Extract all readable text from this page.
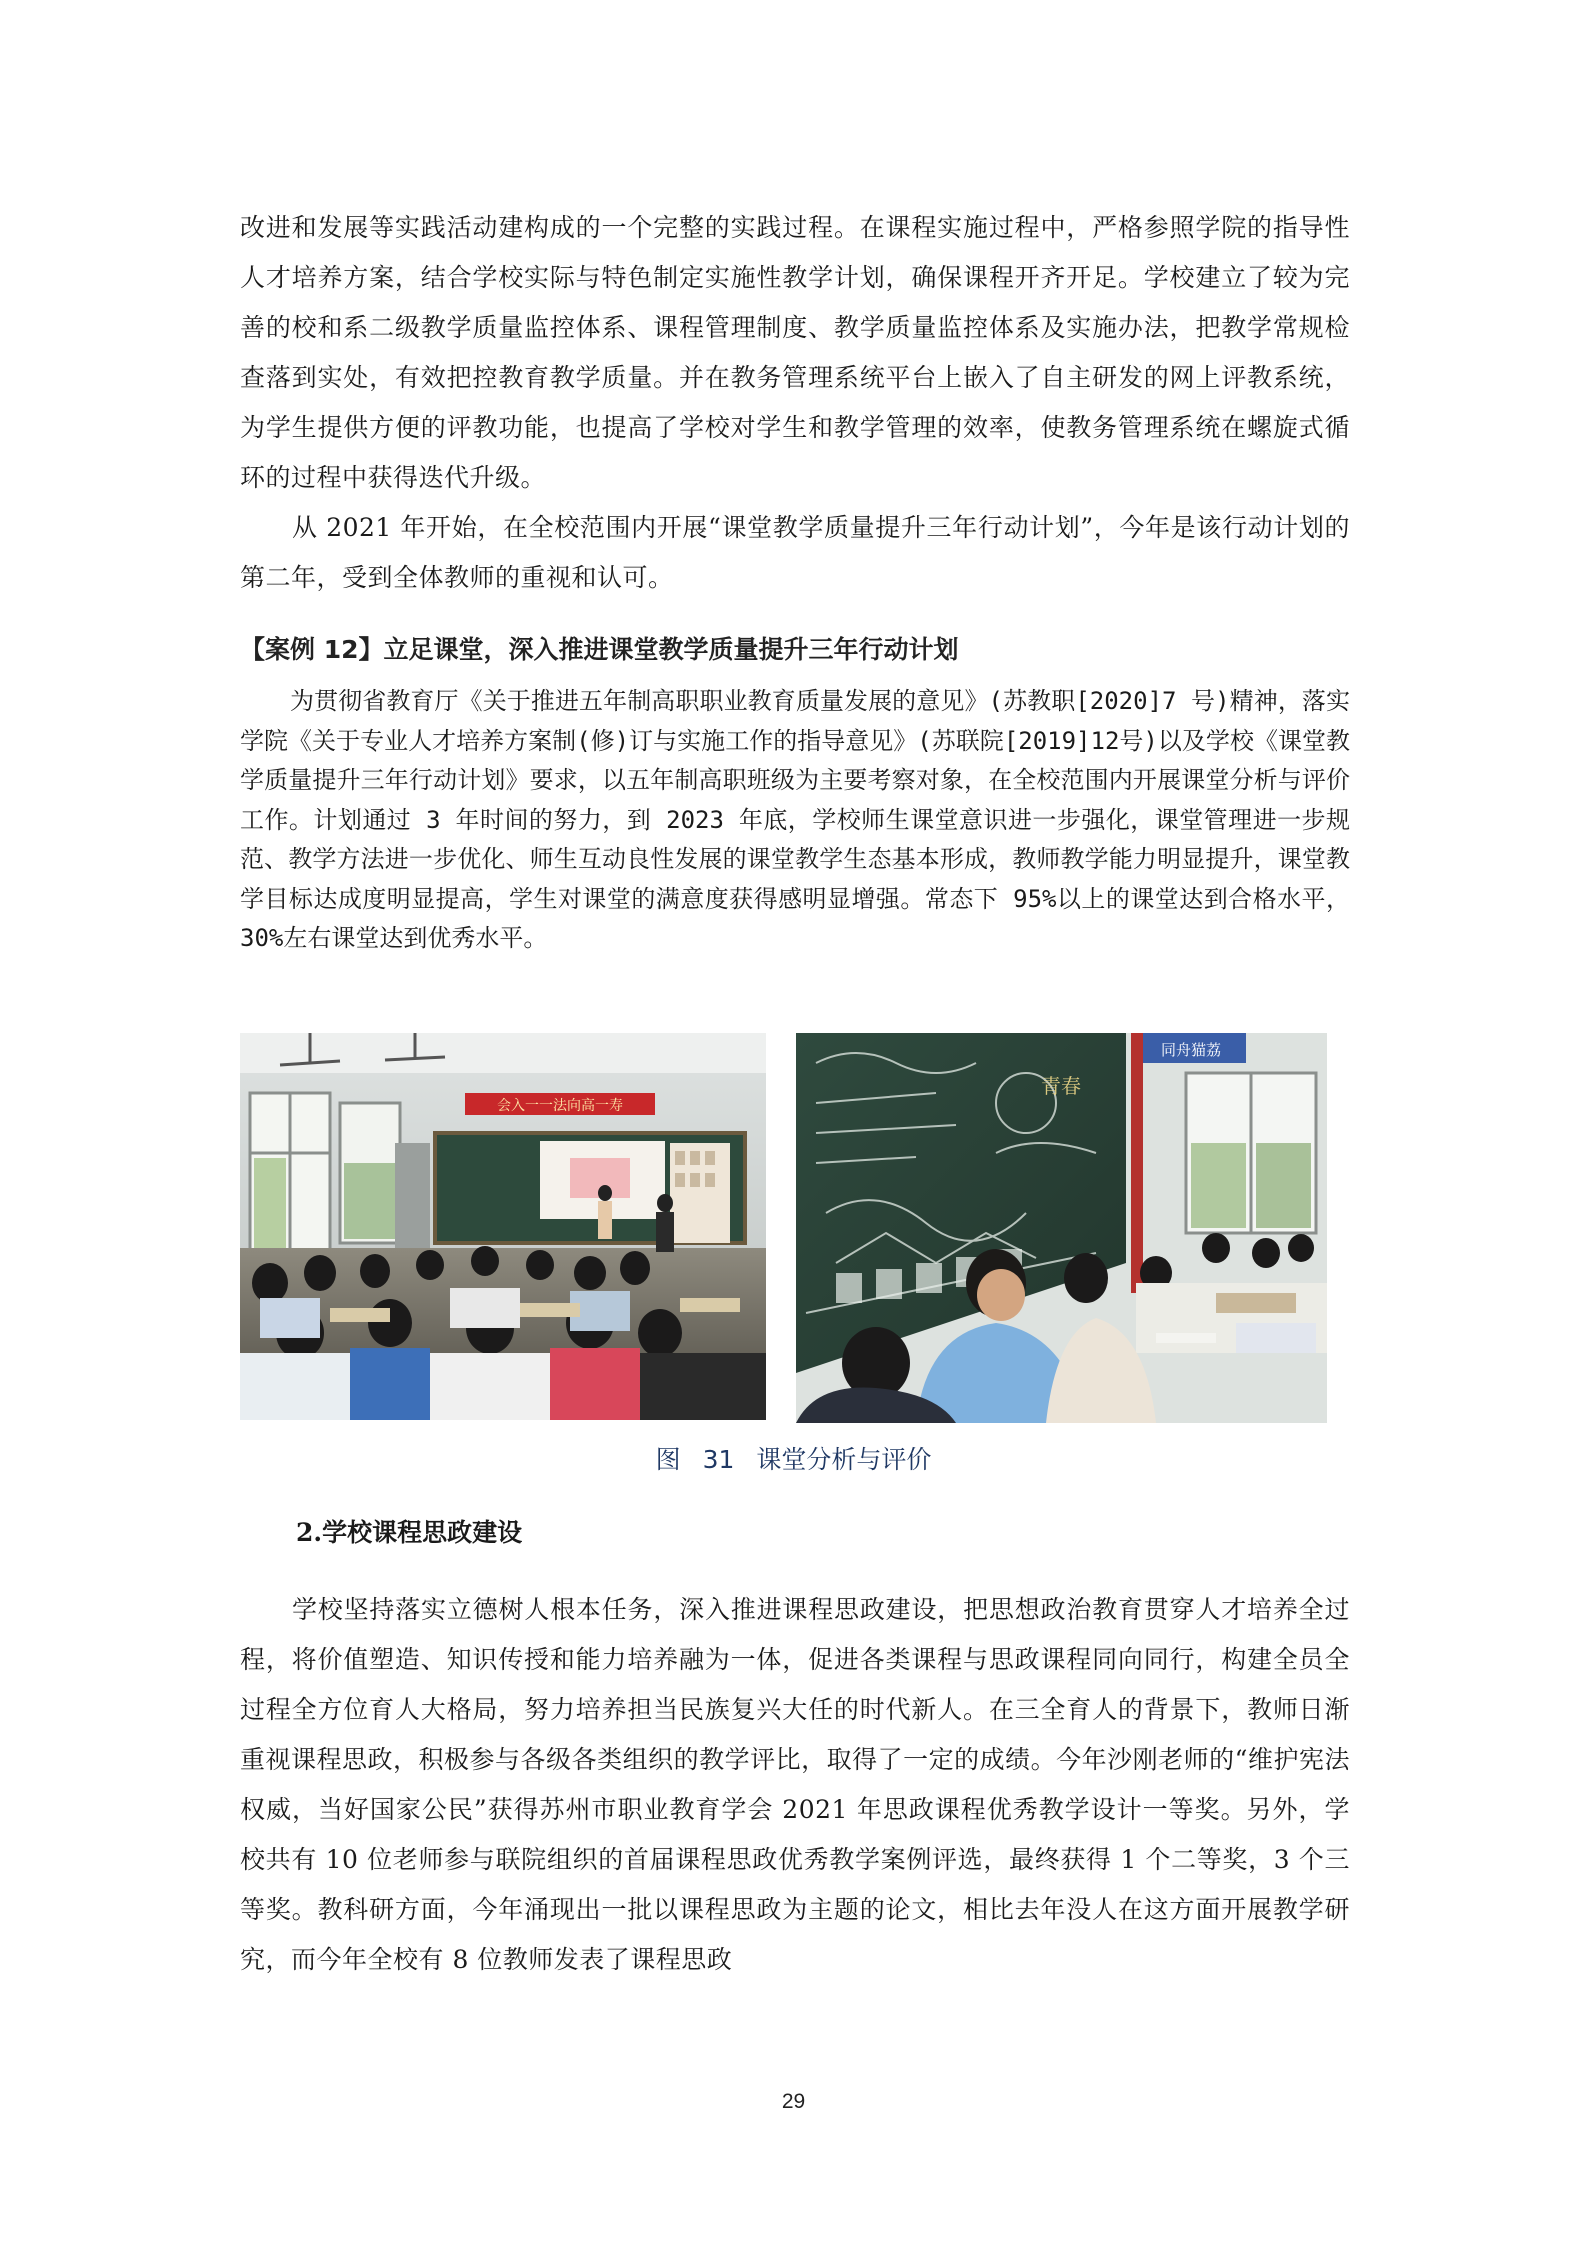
改进和发展等实践活动建构成的一个完整的实践过程。在课程实施过程中，严格参照学院的指导性人才培养方案，结合学校实际与特色制定实施性教学计划，确保课程开齐开足。学校建立了较为完善的校和系二级教学质量监控体系、课程管理制度、教学质量监控体系及实施办法，把教学常规检查落到实处，有效把控教育教学质量。并在教务管理系统平台上嵌入了自主研发的网上评教系统，为学生提供方便的评教功能，也提高了学校对学生和教学管理的效率，使教务管理系统在螺旋式循环的过程中获得迭代升级。

从 2021 年开始，在全校范围内开展“课堂教学质量提升三年行动计划”，今年是该行动计划的第二年，受到全体教师的重视和认可。

【案例 12】立足课堂，深入推进课堂教学质量提升三年行动计划

为贯彻省教育厅《关于推进五年制高职职业教育质量发展的意见》(苏教职[2020]7 号)精神，落实学院《关于专业人才培养方案制(修)订与实施工作的指导意见》(苏联院[2019]12号)以及学校《课堂教学质量提升三年行动计划》要求，以五年制高职班级为主要考察对象，在全校范围内开展课堂分析与评价工作。计划通过 3 年时间的努力，到 2023 年底，学校师生课堂意识进一步强化，课堂管理进一步规范、教学方法进一步优化、师生互动良性发展的课堂教学生态基本形成，教师教学能力明显提升，课堂教学目标达成度明显提高，学生对课堂的满意度获得感明显增强。常态下 95%以上的课堂达到合格水平，30%左右课堂达到优秀水平。

会入一一法向高一寿
青春
同舟猫荔
图 31 课堂分析与评价
2.学校课程思政建设

学校坚持落实立德树人根本任务，深入推进课程思政建设，把思想政治教育贯穿人才培养全过程，将价值塑造、知识传授和能力培养融为一体，促进各类课程与思政课程同向同行，构建全员全过程全方位育人大格局，努力培养担当民族复兴大任的时代新人。在三全育人的背景下，教师日渐重视课程思政，积极参与各级各类组织的教学评比，取得了一定的成绩。今年沙刚老师的“维护宪法权威，当好国家公民”获得苏州市职业教育学会 2021 年思政课程优秀教学设计一等奖。另外，学校共有 10 位老师参与联院组织的首届课程思政优秀教学案例评选，最终获得 1 个二等奖，3 个三等奖。教科研方面，今年涌现出一批以课程思政为主题的论文，相比去年没人在这方面开展教学研究，而今年全校有 8 位教师发表了课程思政

29
